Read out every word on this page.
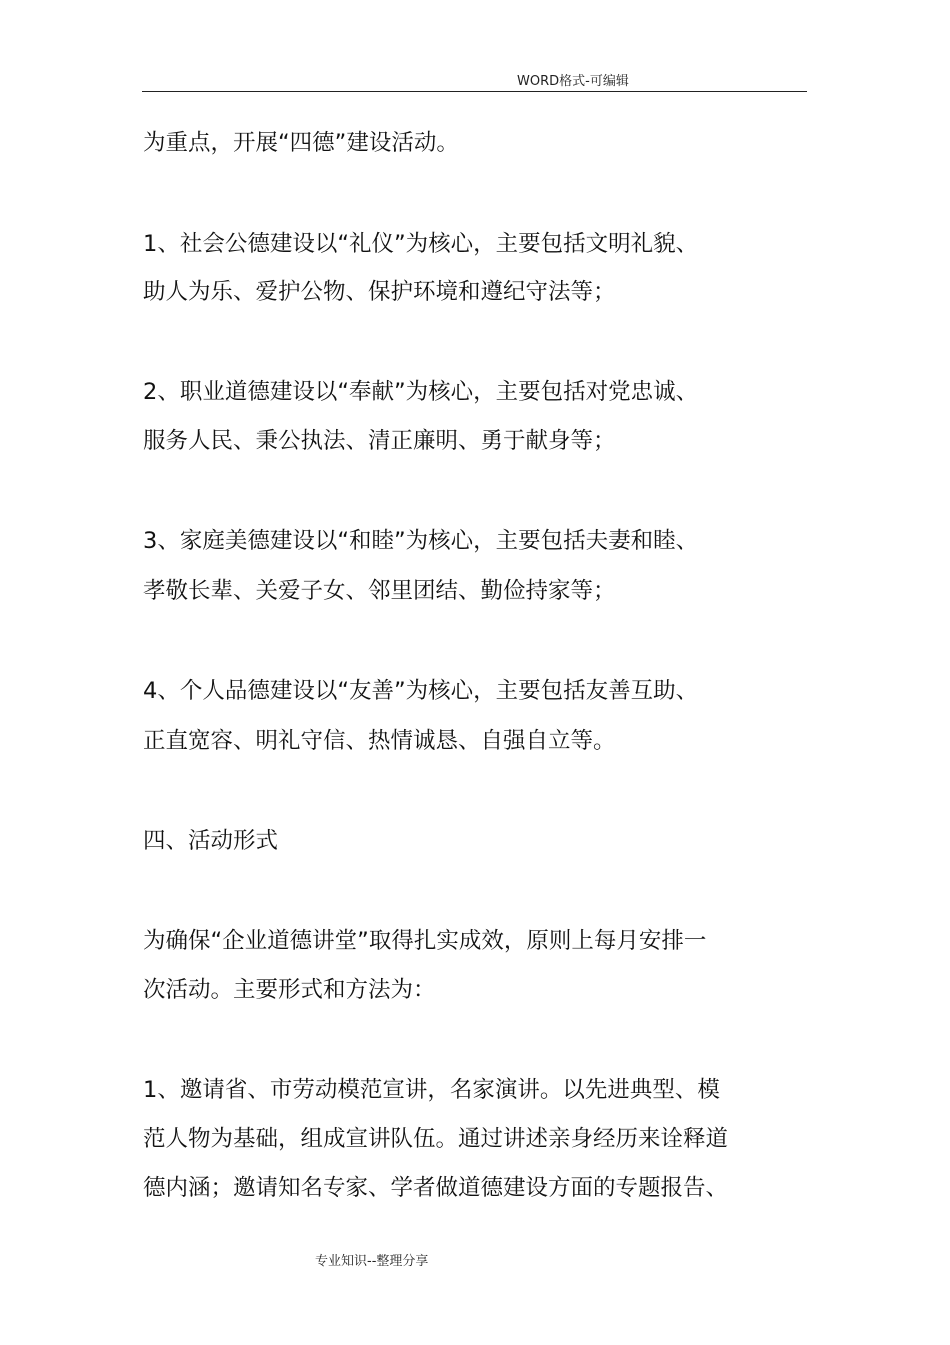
WORD格式-可编辑
为重点，开展“四德”建设活动。
1、社会公德建设以“礼仪”为核心，主要包括文明礼貌、
助人为乐、爱护公物、保护环境和遵纪守法等；
2、职业道德建设以“奉献”为核心，主要包括对党忠诚、
服务人民、秉公执法、清正廉明、勇于献身等；
3、家庭美德建设以“和睦”为核心，主要包括夫妻和睦、
孝敬长辈、关爱子女、邻里团结、勤俭持家等；
4、个人品德建设以“友善”为核心，主要包括友善互助、
正直宽容、明礼守信、热情诚恳、自强自立等。
四、活动形式
为确保“企业道德讲堂”取得扎实成效，原则上每月安排一
次活动。主要形式和方法为：
1、邀请省、市劳动模范宣讲，名家演讲。以先进典型、模
范人物为基础，组成宣讲队伍。通过讲述亲身经历来诠释道
德内涵；邀请知名专家、学者做道德建设方面的专题报告、
专业知识--整理分享
